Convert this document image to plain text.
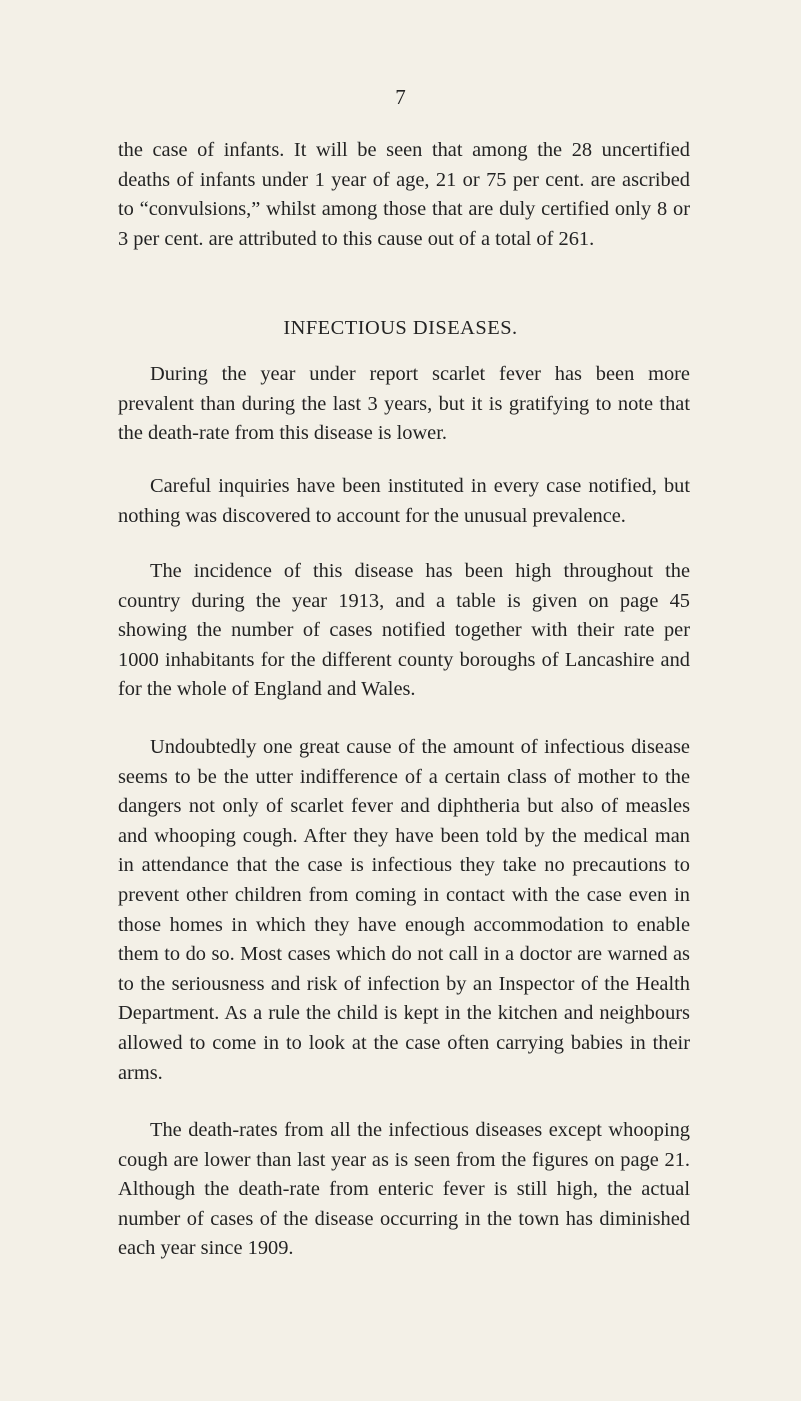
7

the case of infants. It will be seen that among the 28 uncertified deaths of infants under 1 year of age, 21 or 75 per cent. are ascribed to “convulsions,” whilst among those that are duly certified only 8 or 3 per cent. are attributed to this cause out of a total of 261.

INFECTIOUS DISEASES.

During the year under report scarlet fever has been more prevalent than during the last 3 years, but it is gratifying to note that the death-rate from this disease is lower.

Careful inquiries have been instituted in every case notified, but nothing was discovered to account for the unusual prevalence.

The incidence of this disease has been high throughout the country during the year 1913, and a table is given on page 45 showing the number of cases notified together with their rate per 1000 inhabitants for the different county boroughs of Lancashire and for the whole of England and Wales.

Undoubtedly one great cause of the amount of infectious disease seems to be the utter indifference of a certain class of mother to the dangers not only of scarlet fever and diphtheria but also of measles and whooping cough. After they have been told by the medical man in attendance that the case is infectious they take no precautions to prevent other children from coming in contact with the case even in those homes in which they have enough accommodation to enable them to do so. Most cases which do not call in a doctor are warned as to the seriousness and risk of infection by an Inspector of the Health Department. As a rule the child is kept in the kitchen and neighbours allowed to come in to look at the case often carrying babies in their arms.

The death-rates from all the infectious diseases except whooping cough are lower than last year as is seen from the figures on page 21. Although the death-rate from enteric fever is still high, the actual number of cases of the disease occurring in the town has diminished each year since 1909.
